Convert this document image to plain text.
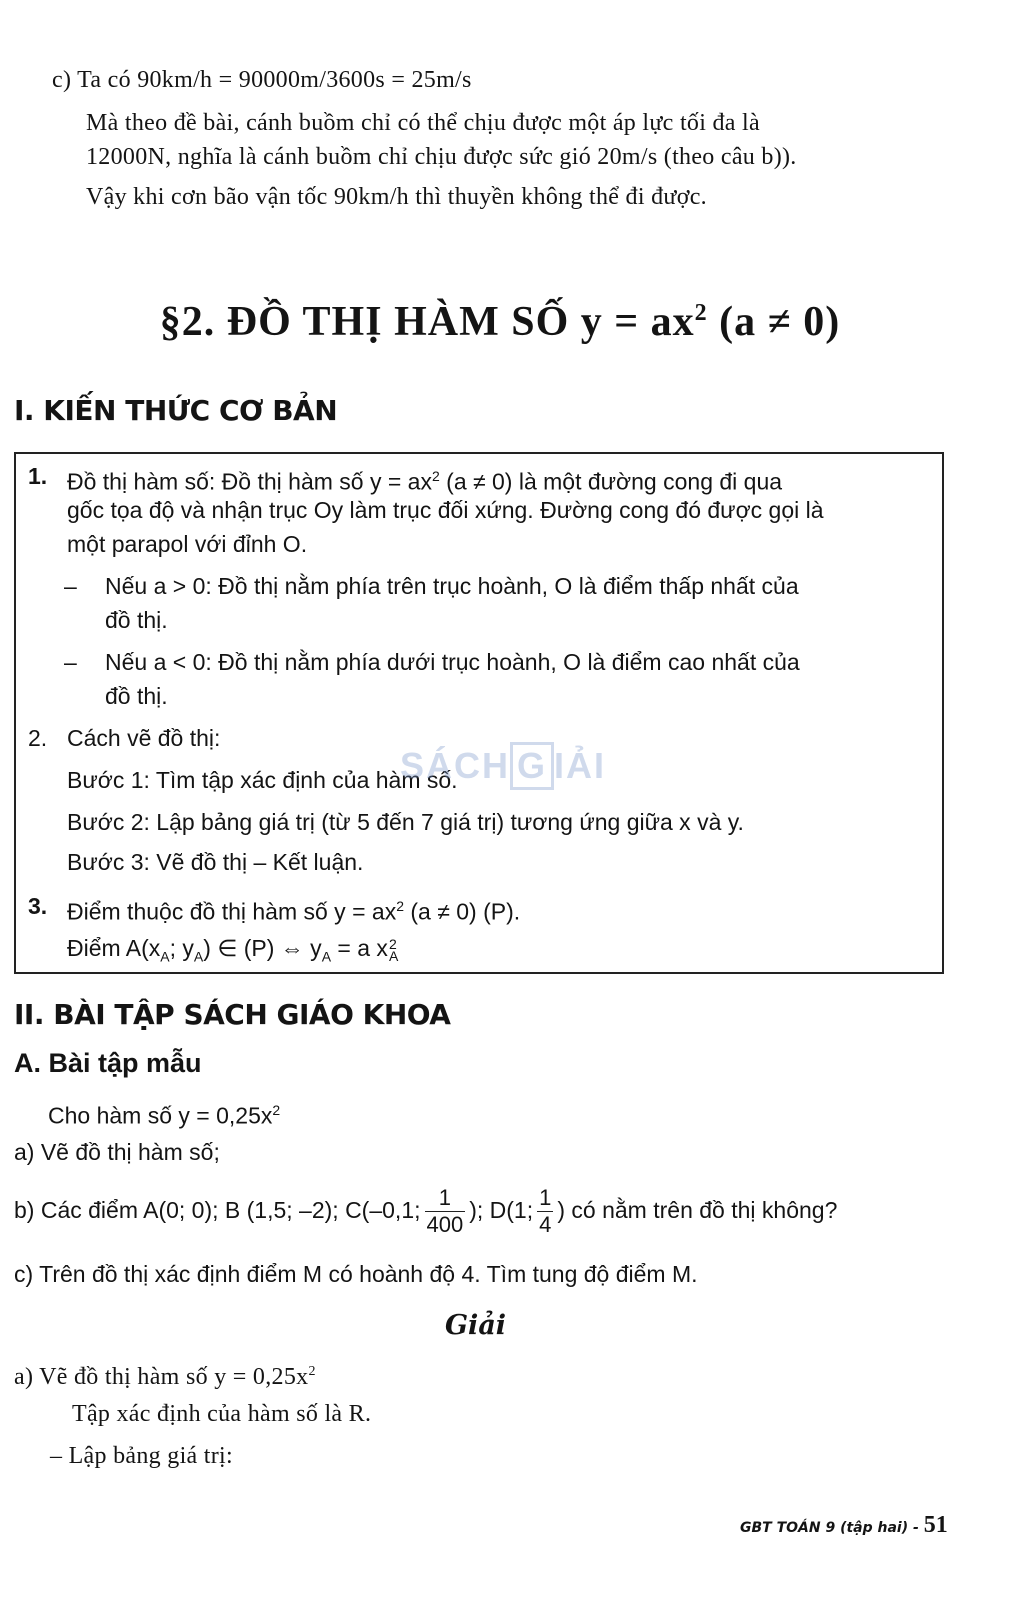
c) Ta có 90km/h = 90000m/3600s = 25m/s
Mà theo đề bài, cánh buồm chỉ có thể chịu được một áp lực tối đa là
12000N, nghĩa là cánh buồm chỉ chịu được sức gió 20m/s (theo câu b)).
Vậy khi cơn bão vận tốc 90km/h thì thuyền không thể đi được.
§2. ĐỒ THỊ HÀM SỐ $y = ax^2$ (a ≠ 0)
I. KIẾN THỨC CƠ BẢN
1. Đồ thị hàm số: Đồ thị hàm số $y = ax^2$ (a ≠ 0) là một đường cong đi qua
gốc tọa độ và nhận trục Oy làm trục đối xứng. Đường cong đó được gọi là
một parapol với đỉnh O.
– Nếu a > 0: Đồ thị nằm phía trên trục hoành, O là điểm thấp nhất của
đồ thị.
– Nếu a < 0: Đồ thị nằm phía dưới trục hoành, O là điểm cao nhất của
đồ thị.
2. Cách vẽ đồ thị:
Bước 1: Tìm tập xác định của hàm số.
Bước 2: Lập bảng giá trị (từ 5 đến 7 giá trị) tương ứng giữa x và y.
Bước 3: Vẽ đồ thị – Kết luận.
3. Điểm thuộc đồ thị hàm số $y = ax^2$ (a ≠ 0) (P).
Điểm $A(x_A$; $y_A$) ∈ (P) ⇔ $y_A = a$ x 2
A
SÁCH G IẢI
II. BÀI TẬP SÁCH GIÁO KHOA
A. Bài tập mẫu
Cho hàm số $y = 0,25x^2$
a) Vẽ đồ thị hàm số;
b) Các điểm A(0; 0); B (1,5; –2); C(–0,1; $\frac{1}{400}$ ); D(1; $\frac{1}{4}$ ) có nằm trên đồ thị không?
c) Trên đồ thị xác định điểm M có hoành độ 4. Tìm tung độ điểm M.
Giải
a) Vẽ đồ thị hàm số $y = 0,25x^2$
Tập xác định của hàm số là R.
– Lập bảng giá trị:
GBT TOÁN 9 (tập hai) - 51
